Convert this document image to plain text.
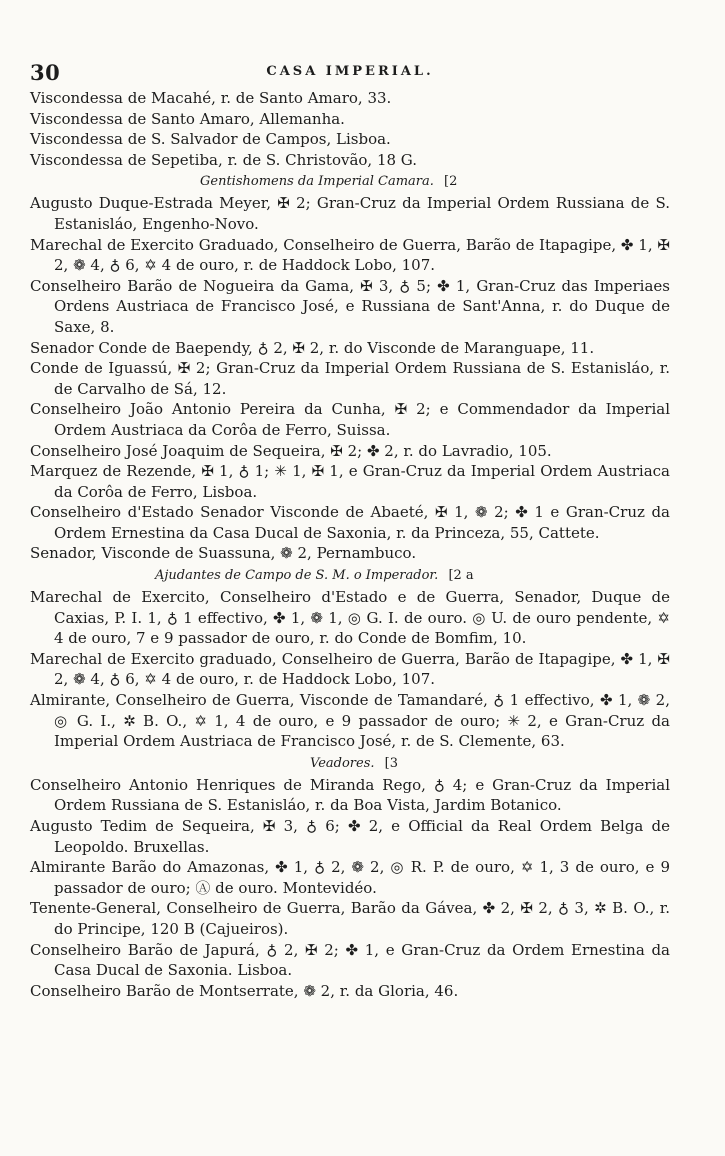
30	CASA IMPERIAL.

Viscondessa de Macahé, r. de Santo Amaro, 33.

Viscondessa de Santo Amaro, Allemanha.

Viscondessa de S. Salvador de Campos, Lisboa.

Viscondessa de Sepetiba, r. de S. Christovão, 18 G.

Gentishomens da Imperial Camara. [2

Augusto Duque-Estrada Meyer, ✠ 2; Gran-Cruz da Imperial Ordem Russiana de S. Estanisláo, Engenho-Novo.

Marechal de Exercito Graduado, Conselheiro de Guerra, Barão de Itapagipe, ✤ 1, ✠ 2, ❁ 4, ♁ 6, ✡ 4 de ouro, r. de Haddock Lobo, 107.

Conselheiro Barão de Nogueira da Gama, ✠ 3, ♁ 5; ✤ 1, Gran-Cruz das Imperiaes Ordens Austriaca de Francisco José, e Russiana de Sant'Anna, r. do Duque de Saxe, 8.

Senador Conde de Baependy, ♁ 2, ✠ 2, r. do Visconde de Maranguape, 11.

Conde de Iguassú, ✠ 2; Gran-Cruz da Imperial Ordem Russiana de S. Estanisláo, r. de Carvalho de Sá, 12.

Conselheiro João Antonio Pereira da Cunha, ✠ 2; e Commendador da Imperial Ordem Austriaca da Corôa de Ferro, Suissa.

Conselheiro José Joaquim de Sequeira, ✠ 2; ✤ 2, r. do Lavradio, 105.

Marquez de Rezende, ✠ 1, ♁ 1; ✳ 1, ✠ 1, e Gran-Cruz da Imperial Ordem Austriaca da Corôa de Ferro, Lisboa.

Conselheiro d'Estado Senador Visconde de Abaeté, ✠ 1, ❁ 2; ✤ 1 e Gran-Cruz da Ordem Ernestina da Casa Ducal de Saxonia, r. da Princeza, 55, Cattete.

Senador, Visconde de Suassuna, ❁ 2, Pernambuco.

Ajudantes de Campo de S. M. o Imperador. [2 a

Marechal de Exercito, Conselheiro d'Estado e de Guerra, Senador, Duque de Caxias, P. I. 1, ♁ 1 effectivo, ✤ 1, ❁ 1, ◎ G. I. de ouro. ◎ U. de ouro pendente, ✡ 4 de ouro, 7 e 9 passador de ouro, r. do Conde de Bomfim, 10.

Marechal de Exercito graduado, Conselheiro de Guerra, Barão de Itapagipe, ✤ 1, ✠ 2, ❁ 4, ♁ 6, ✡ 4 de ouro, r. de Haddock Lobo, 107.

Almirante, Conselheiro de Guerra, Visconde de Tamandaré, ♁ 1 effectivo, ✤ 1, ❁ 2, ◎ G. I., ✲ B. O., ✡ 1, 4 de ouro, e 9 passador de ouro; ✳ 2, e Gran-Cruz da Imperial Ordem Austriaca de Francisco José, r. de S. Clemente, 63.

Veadores. [3

Conselheiro Antonio Henriques de Miranda Rego, ♁ 4; e Gran-Cruz da Imperial Ordem Russiana de S. Estanisláo, r. da Boa Vista, Jardim Botanico.

Augusto Tedim de Sequeira, ✠ 3, ♁ 6; ✤ 2, e Official da Real Ordem Belga de Leopoldo. Bruxellas.

Almirante Barão do Amazonas, ✤ 1, ♁ 2, ❁ 2, ◎ R. P. de ouro, ✡ 1, 3 de ouro, e 9 passador de ouro; Ⓐ de ouro. Montevidéo.

Tenente-General, Conselheiro de Guerra, Barão da Gávea, ✤ 2, ✠ 2, ♁ 3, ✲ B. O., r. do Principe, 120 B (Cajueiros).

Conselheiro Barão de Japurá, ♁ 2, ✠ 2; ✤ 1, e Gran-Cruz da Ordem Ernestina da Casa Ducal de Saxonia. Lisboa.

Conselheiro Barão de Montserrate, ❁ 2, r. da Gloria, 46.
